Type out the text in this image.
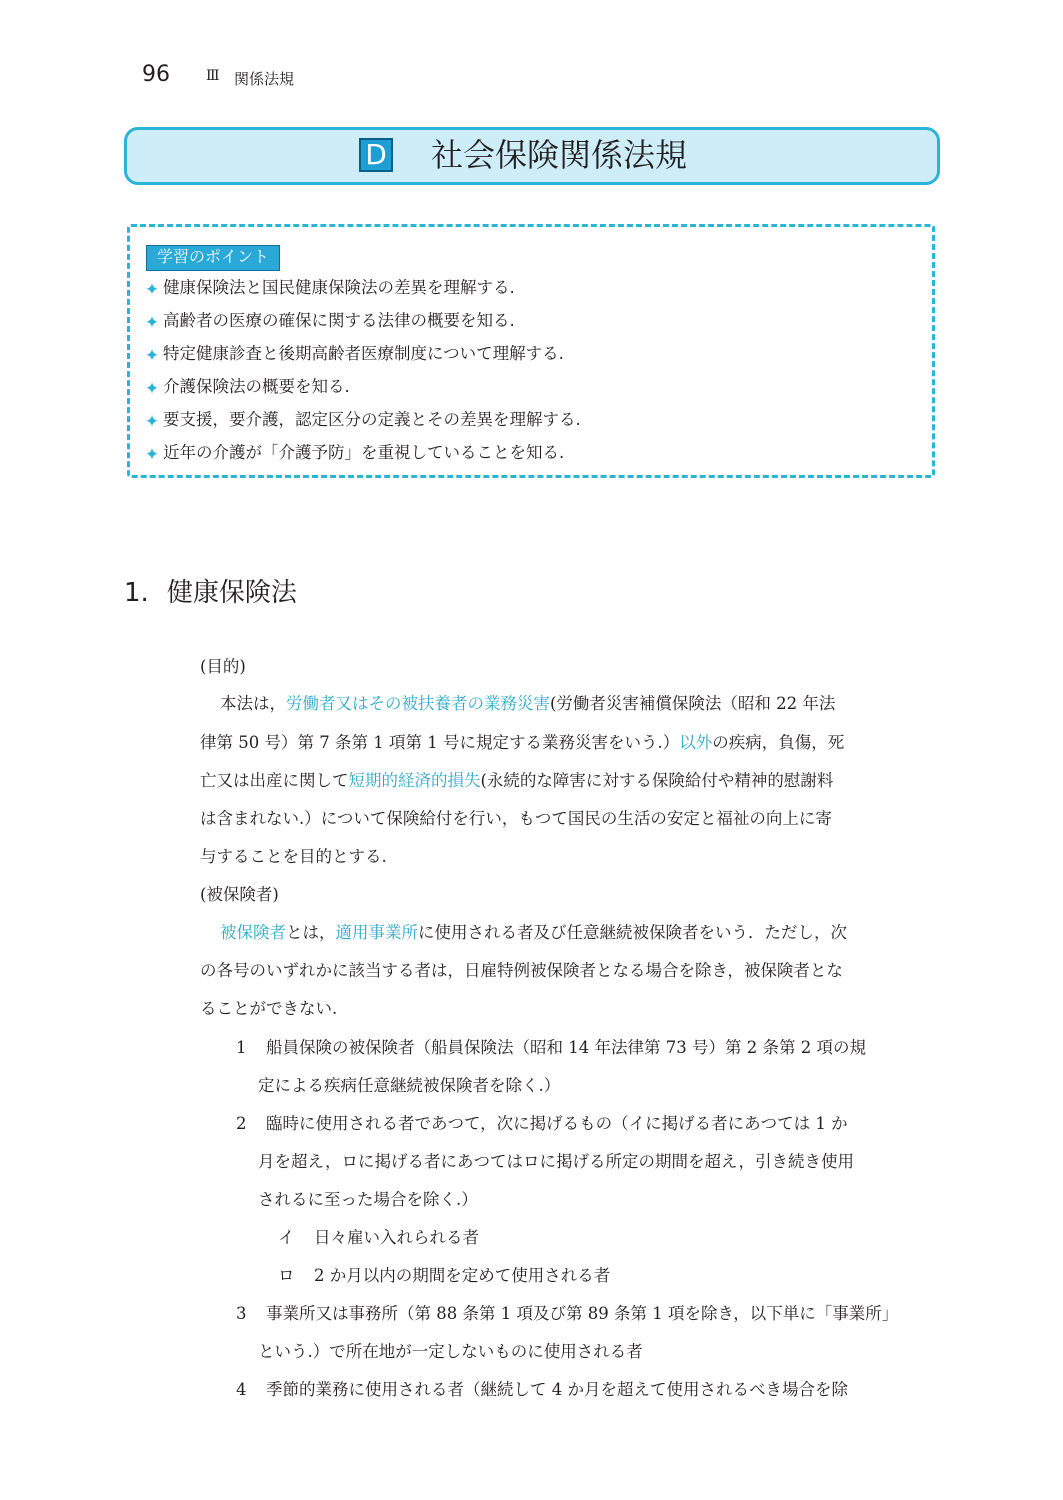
96	Ⅲ 関係法規
D 社会保険関係法規
学習のポイント
✦ 健康保険法と国民健康保険法の差異を理解する.
✦ 高齢者の医療の確保に関する法律の概要を知る.
✦ 特定健康診査と後期高齢者医療制度について理解する.
✦ 介護保険法の概要を知る.
✦ 要支援，要介護，認定区分の定義とその差異を理解する.
✦ 近年の介護が「介護予防」を重視していることを知る.
1. 健康保険法
(目的)
本法は，労働者又はその被扶養者の業務災害(労働者災害補償保険法（昭和 22 年法
律第 50 号）第 7 条第 1 項第 1 号に規定する業務災害をいう.）以外の疾病，負傷，死
亡又は出産に関して短期的経済的損失(永続的な障害に対する保険給付や精神的慰謝料
は含まれない.）について保険給付を行い，もつて国民の生活の安定と福祉の向上に寄
与することを目的とする.
(被保険者)
被保険者とは，適用事業所に使用される者及び任意継続被保険者をいう．ただし，次
の各号のいずれかに該当する者は，日雇特例被保険者となる場合を除き，被保険者とな
ることができない.
1 船員保険の被保険者（船員保険法（昭和 14 年法律第 73 号）第 2 条第 2 項の規
定による疾病任意継続被保険者を除く.）
2 臨時に使用される者であつて，次に掲げるもの（イに掲げる者にあつては 1 か
月を超え，ロに掲げる者にあつてはロに掲げる所定の期間を超え，引き続き使用
されるに至った場合を除く.）
イ 日々雇い入れられる者
ロ 2 か月以内の期間を定めて使用される者
3 事業所又は事務所（第 88 条第 1 項及び第 89 条第 1 項を除き，以下単に「事業所」
という.）で所在地が一定しないものに使用される者
4 季節的業務に使用される者（継続して 4 か月を超えて使用されるべき場合を除
